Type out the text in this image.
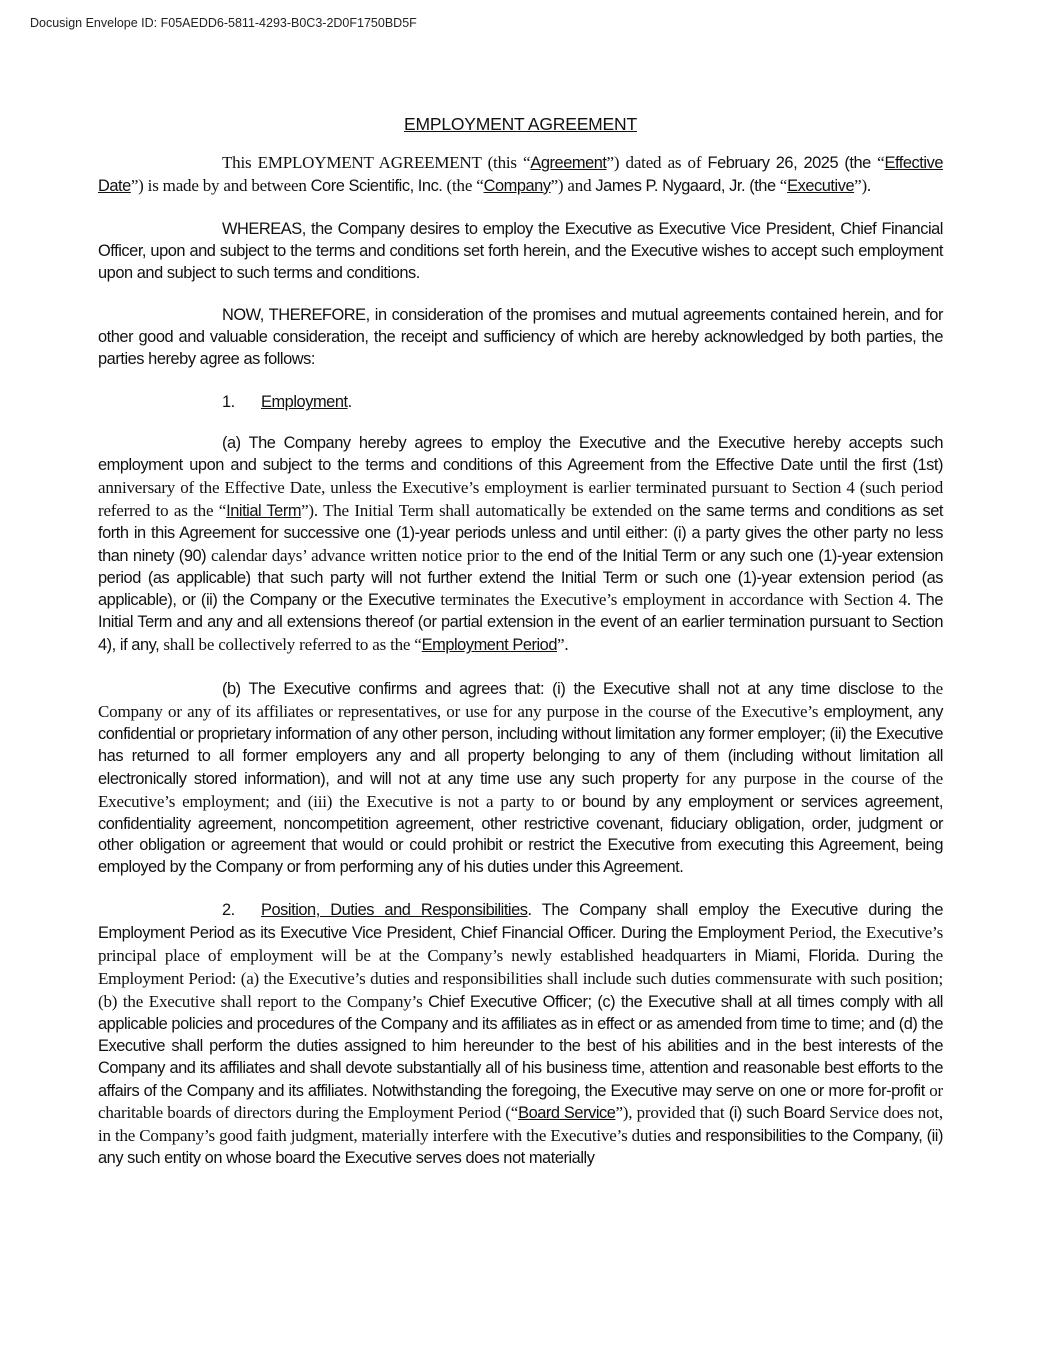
Docusign Envelope ID: F05AEDD6-5811-4293-B0C3-2D0F1750BD5F
EMPLOYMENT AGREEMENT

This EMPLOYMENT AGREEMENT (this “Agreement”) dated as of February 26, 2025 (the “Effective Date”) is made by and between Core Scientific, Inc. (the “Company”) and James P. Nygaard, Jr. (the “Executive”).

WHEREAS, the Company desires to employ the Executive as Executive Vice President, Chief Financial Officer, upon and subject to the terms and conditions set forth herein, and the Executive wishes to accept such employment upon and subject to such terms and conditions.

NOW, THEREFORE, in consideration of the promises and mutual agreements contained herein, and for other good and valuable consideration, the receipt and sufficiency of which are hereby acknowledged by both parties, the parties hereby agree as follows:

1. Employment.

(a) The Company hereby agrees to employ the Executive and the Executive hereby accepts such employment upon and subject to the terms and conditions of this Agreement from the Effective Date until the first (1st) anniversary of the Effective Date, unless the Executive’s employment is earlier terminated pursuant to Section 4 (such period referred to as the “Initial Term”). The Initial Term shall automatically be extended on the same terms and conditions as set forth in this Agreement for successive one (1)-year periods unless and until either: (i) a party gives the other party no less than ninety (90) calendar days’ advance written notice prior to the end of the Initial Term or any such one (1)-year extension period (as applicable) that such party will not further extend the Initial Term or such one (1)-year extension period (as applicable), or (ii) the Company or the Executive terminates the Executive’s employment in accordance with Section 4. The Initial Term and any and all extensions thereof (or partial extension in the event of an earlier termination pursuant to Section 4), if any, shall be collectively referred to as the “Employment Period”.

(b) The Executive confirms and agrees that: (i) the Executive shall not at any time disclose to the Company or any of its affiliates or representatives, or use for any purpose in the course of the Executive’s employment, any confidential or proprietary information of any other person, including without limitation any former employer; (ii) the Executive has returned to all former employers any and all property belonging to any of them (including without limitation all electronically stored information), and will not at any time use any such property for any purpose in the course of the Executive’s employment; and (iii) the Executive is not a party to or bound by any employment or services agreement, confidentiality agreement, noncompetition agreement, other restrictive covenant, fiduciary obligation, order, judgment or other obligation or agreement that would or could prohibit or restrict the Executive from executing this Agreement, being employed by the Company or from performing any of his duties under this Agreement.

2. Position, Duties and Responsibilities. The Company shall employ the Executive during the Employment Period as its Executive Vice President, Chief Financial Officer. During the Employment Period, the Executive’s principal place of employment will be at the Company’s newly established headquarters in Miami, Florida. During the Employment Period: (a) the Executive’s duties and responsibilities shall include such duties commensurate with such position; (b) the Executive shall report to the Company’s Chief Executive Officer; (c) the Executive shall at all times comply with all applicable policies and procedures of the Company and its affiliates as in effect or as amended from time to time; and (d) the Executive shall perform the duties assigned to him hereunder to the best of his abilities and in the best interests of the Company and its affiliates and shall devote substantially all of his business time, attention and reasonable best efforts to the affairs of the Company and its affiliates. Notwithstanding the foregoing, the Executive may serve on one or more for-profit or charitable boards of directors during the Employment Period (“Board Service”), provided that (i) such Board Service does not, in the Company’s good faith judgment, materially interfere with the Executive’s duties and responsibilities to the Company, (ii) any such entity on whose board the Executive serves does not materially
